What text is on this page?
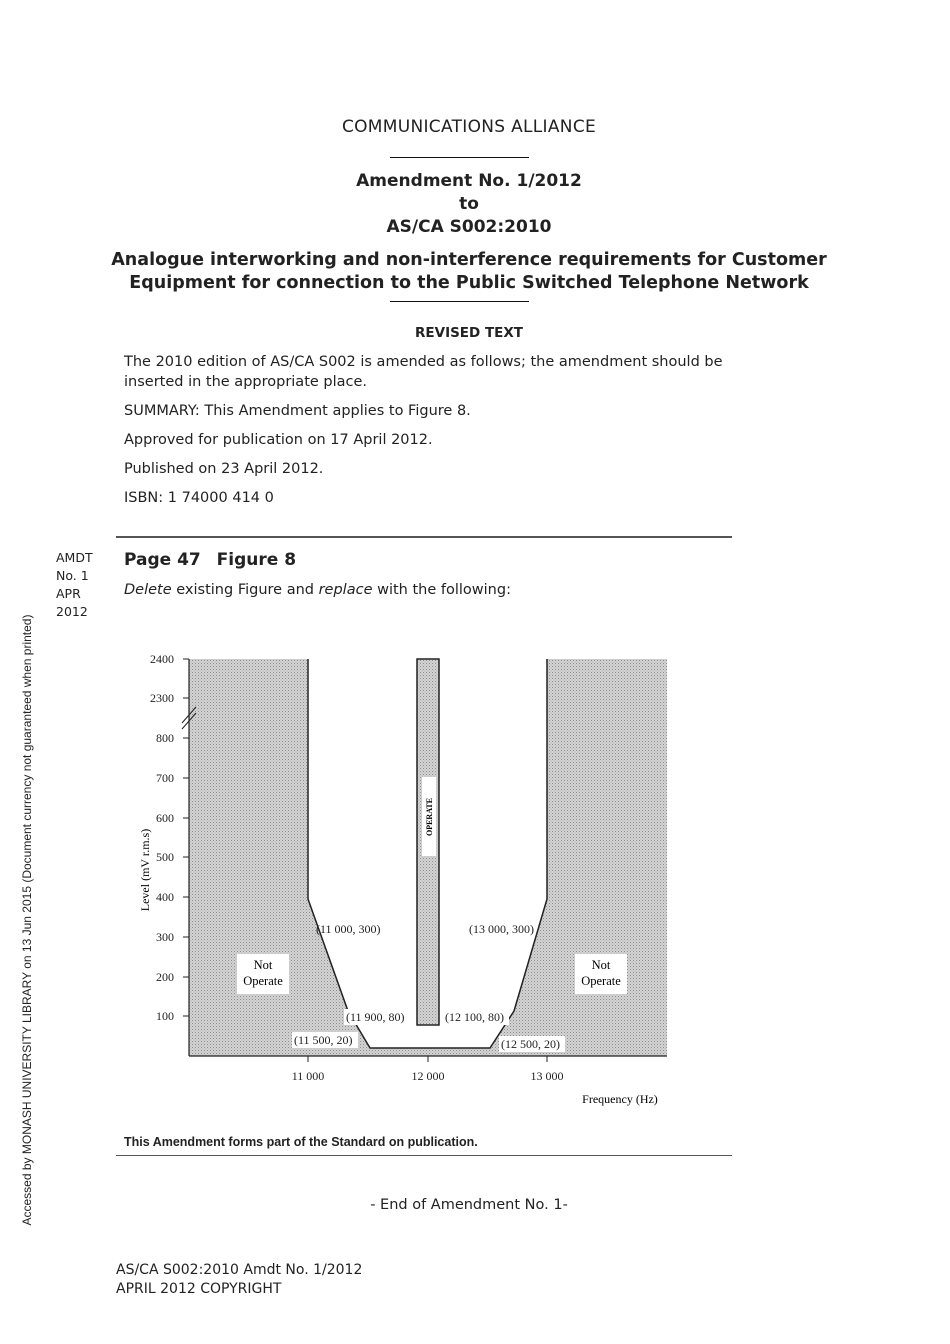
Accessed by MONASH UNIVERSITY LIBRARY on 13 Jun 2015 (Document currency not guaranteed when printed)
COMMUNICATIONS ALLIANCE
Amendment No. 1/2012
to
AS/CA S002:2010
Analogue interworking and non-interference requirements for Customer
Equipment for connection to the Public Switched Telephone Network
REVISED TEXT
The 2010 edition of AS/CA S002 is amended as follows; the amendment should be
inserted in the appropriate place.
SUMMARY: This Amendment applies to Figure 8.
Approved for publication on 17 April 2012.
Published on 23 April 2012.
ISBN: 1 74000 414 0
AMDT
No. 1
APR
2012
Page 47 Figure 8
Delete existing Figure and replace with the following:
OPERATE
100
200
300
400
500
600
700
800
2300
2400
Level (mV r.m.s)
11 000	12 000	13 000
Frequency (Hz)
Not
Operate
Not
Operate
(11 000, 300)	(13 000, 300)
(11 900, 80)	(12 100, 80)
(11 500, 20)	(12 500, 20)
This Amendment forms part of the Standard on publication.
- End of Amendment No. 1-
AS/CA S002:2010 Amdt No. 1/2012
APRIL 2012 COPYRIGHT
